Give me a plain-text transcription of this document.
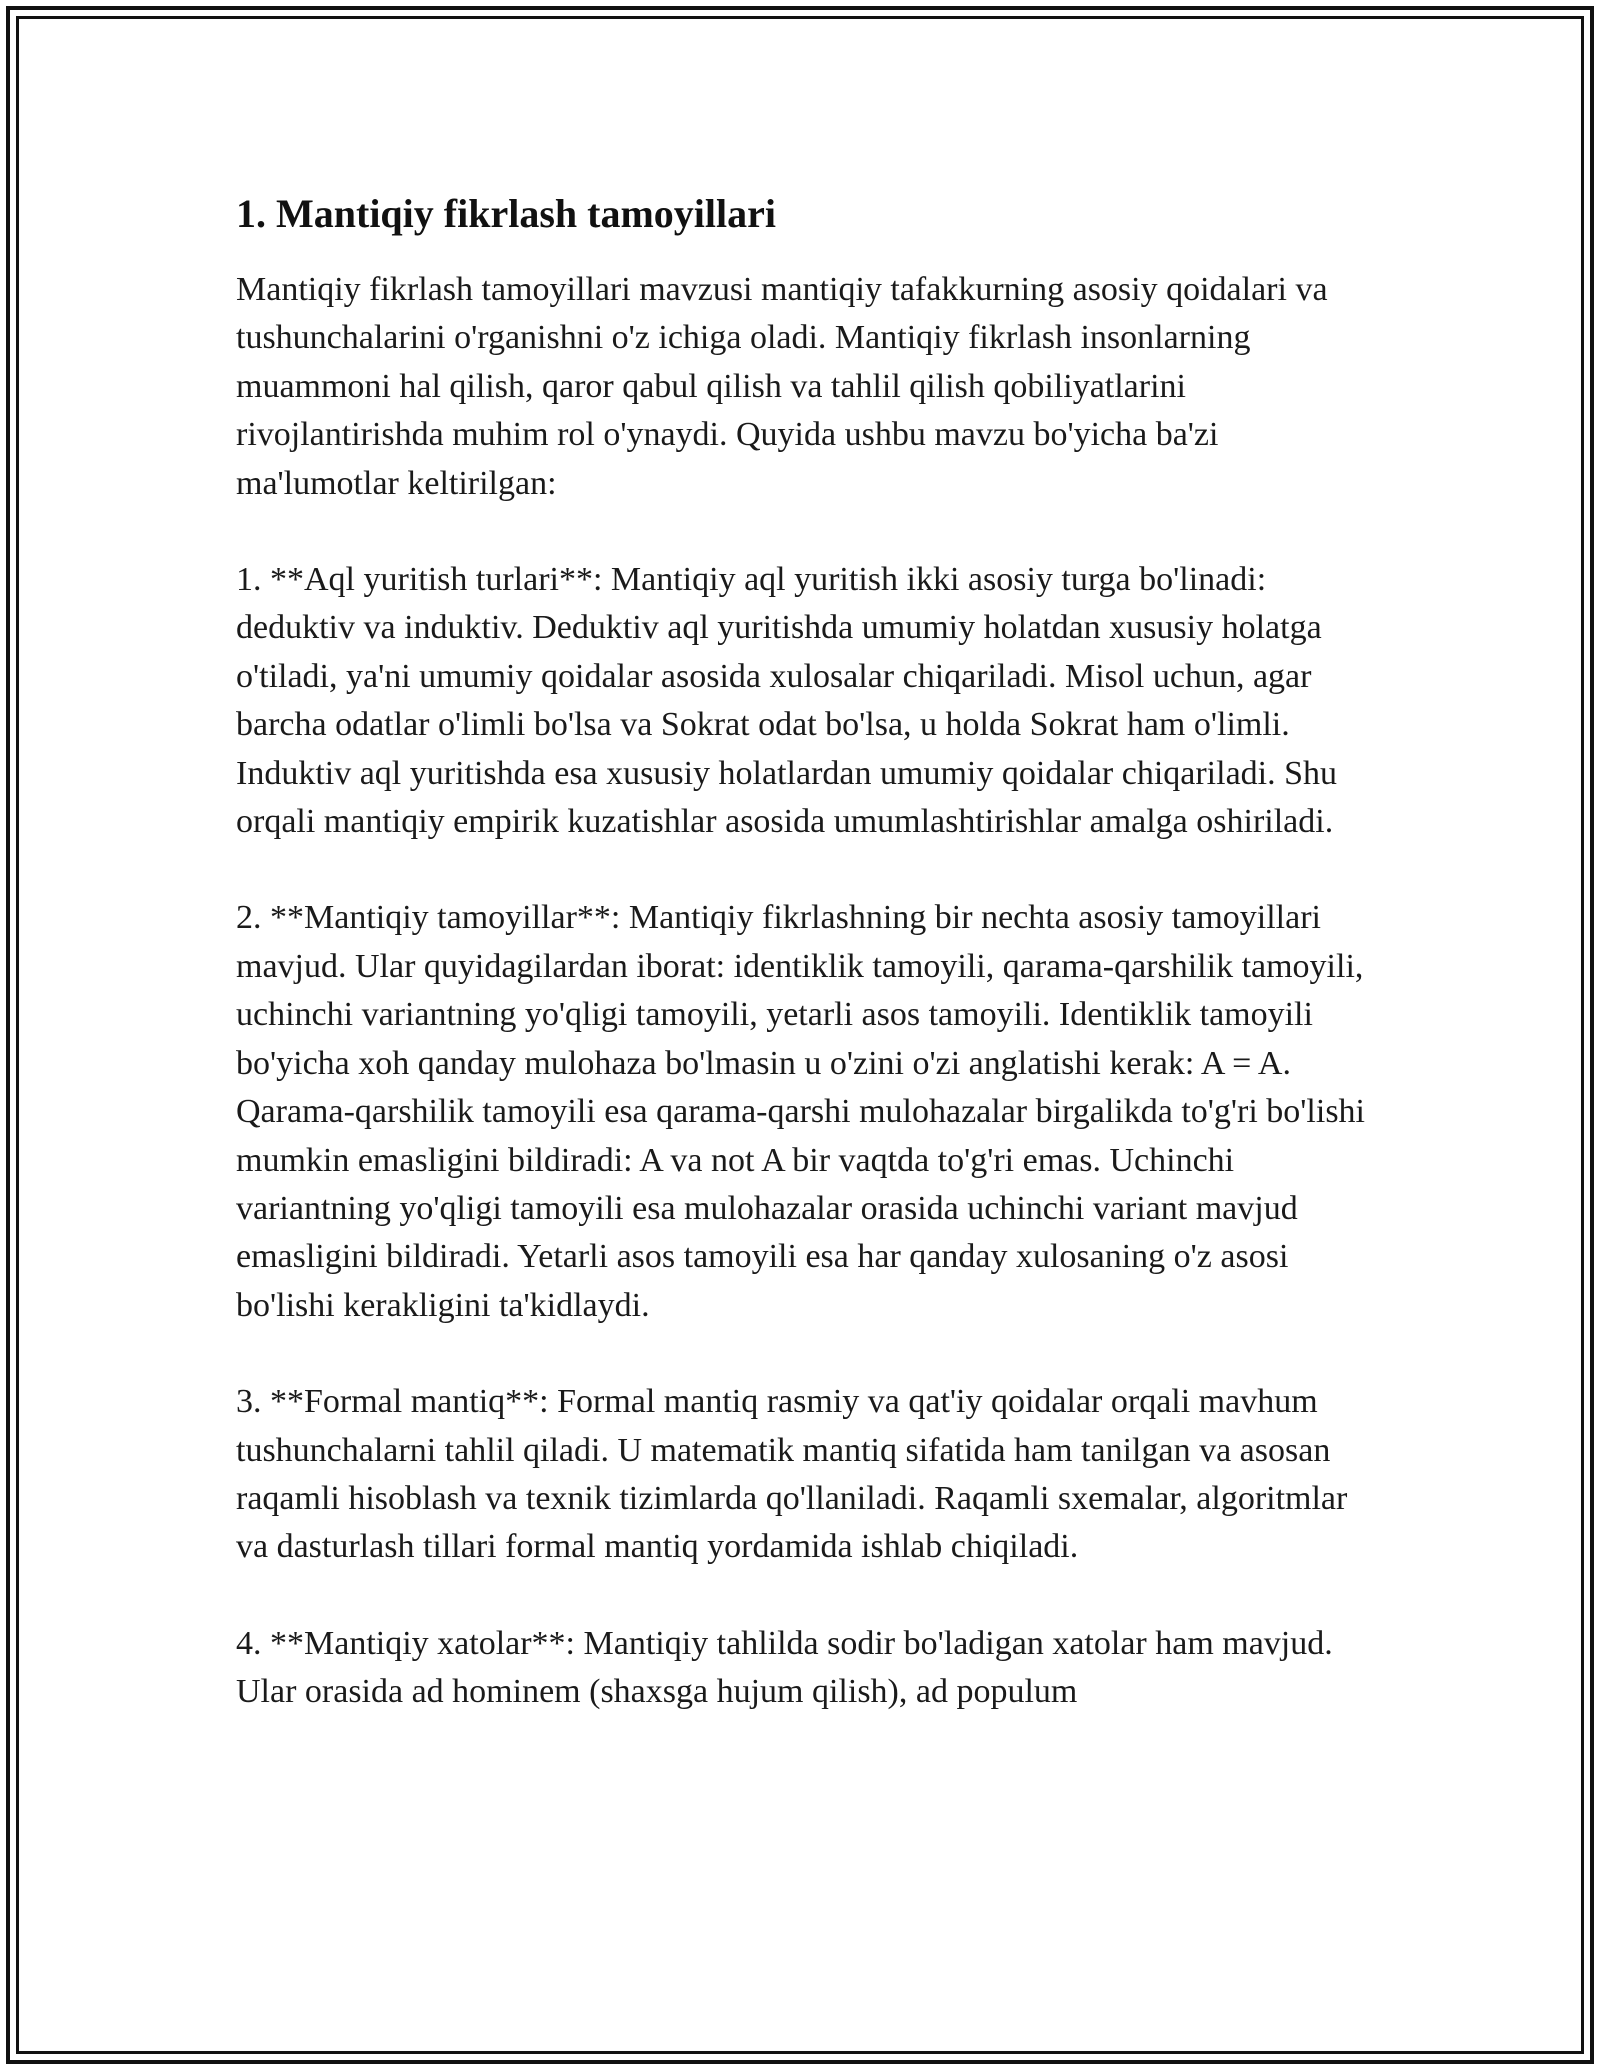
1. Mantiqiy fikrlash tamoyillari

Mantiqiy fikrlash tamoyillari mavzusi mantiqiy tafakkurning asosiy qoidalari va tushunchalarini o'rganishni o'z ichiga oladi. Mantiqiy fikrlash insonlarning muammoni hal qilish, qaror qabul qilish va tahlil qilish qobiliyatlarini rivojlantirishda muhim rol o'ynaydi. Quyida ushbu mavzu bo'yicha ba'zi ma'lumotlar keltirilgan:

1. **Aql yuritish turlari**: Mantiqiy aql yuritish ikki asosiy turga bo'linadi: deduktiv va induktiv. Deduktiv aql yuritishda umumiy holatdan xususiy holatga o'tiladi, ya'ni umumiy qoidalar asosida xulosalar chiqariladi. Misol uchun, agar barcha odatlar o'limli bo'lsa va Sokrat odat bo'lsa, u holda Sokrat ham o'limli. Induktiv aql yuritishda esa xususiy holatlardan umumiy qoidalar chiqariladi. Shu orqali mantiqiy empirik kuzatishlar asosida umumlashtirishlar amalga oshiriladi.

2. **Mantiqiy tamoyillar**: Mantiqiy fikrlashning bir nechta asosiy tamoyillari mavjud. Ular quyidagilardan iborat: identiklik tamoyili, qarama-qarshilik tamoyili, uchinchi variantning yo'qligi tamoyili, yetarli asos tamoyili. Identiklik tamoyili bo'yicha xoh qanday mulohaza bo'lmasin u o'zini o'zi anglatishi kerak: A = A. Qarama-qarshilik tamoyili esa qarama-qarshi mulohazalar birgalikda to'g'ri bo'lishi mumkin emasligini bildiradi: A va not A bir vaqtda to'g'ri emas. Uchinchi variantning yo'qligi tamoyili esa mulohazalar orasida uchinchi variant mavjud emasligini bildiradi. Yetarli asos tamoyili esa har qanday xulosaning o'z asosi bo'lishi kerakligini ta'kidlaydi.

3. **Formal mantiq**: Formal mantiq rasmiy va qat'iy qoidalar orqali mavhum tushunchalarni tahlil qiladi. U matematik mantiq sifatida ham tanilgan va asosan raqamli hisoblash va texnik tizimlarda qo'llaniladi. Raqamli sxemalar, algoritmlar va dasturlash tillari formal mantiq yordamida ishlab chiqiladi.

4. **Mantiqiy xatolar**: Mantiqiy tahlilda sodir bo'ladigan xatolar ham mavjud. Ular orasida ad hominem (shaxsga hujum qilish), ad populum
